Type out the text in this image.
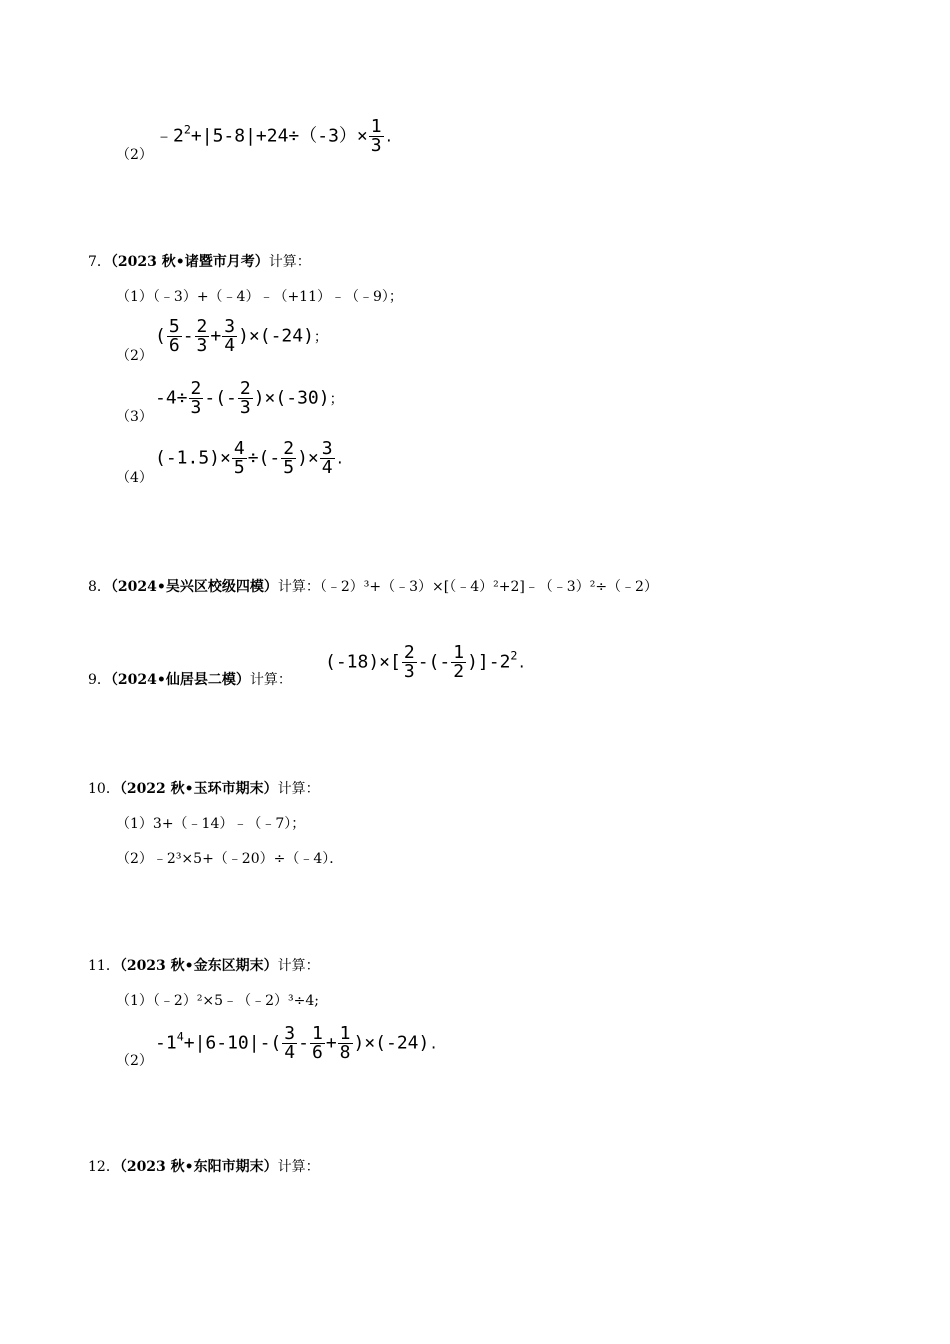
（2）
$﹣2^2+|5-8|+24\div(-3)\times \frac{1}{3}$ .
7．（2023 秋•诸暨市月考）计算：
（1）（﹣3）+（﹣4）﹣（+11）﹣（﹣9）；
（2）
( $\frac{5}{6} - \frac{2}{3} + \frac{3}{4} )\times(-24)$；
（3）
$-4\div \frac{2}{3}$ -(- $\frac{2}{3} )\times(-30)$；
（4）
$(-1.5)\times \frac{4}{5}$ ÷(- $\frac{2}{5}$ )× $\frac{3}{4}$ .
8．（2024•吴兴区校级四模）计算：（﹣2）³+（﹣3）×[（﹣4）²+2]﹣（﹣3）²÷（﹣2）
9．（2024•仙居县二模）计算：
$(-18)\times[ \frac{2}{3}$ -(- $\frac{1}{2} )]-2^2$.
10．（2022 秋•玉环市期末）计算：
（1）3+（﹣14）﹣（﹣7）；
（2）﹣2³×5+（﹣20）÷（﹣4）．
11．（2023 秋•金东区期末）计算：
（1）（﹣2）²×5﹣（﹣2）³÷4;
（2）
$-1^4+|6-10|-( \frac{3}{4} - \frac{1}{6} + \frac{1}{8} )\times(-24)$.
12．（2023 秋•东阳市期末）计算：
